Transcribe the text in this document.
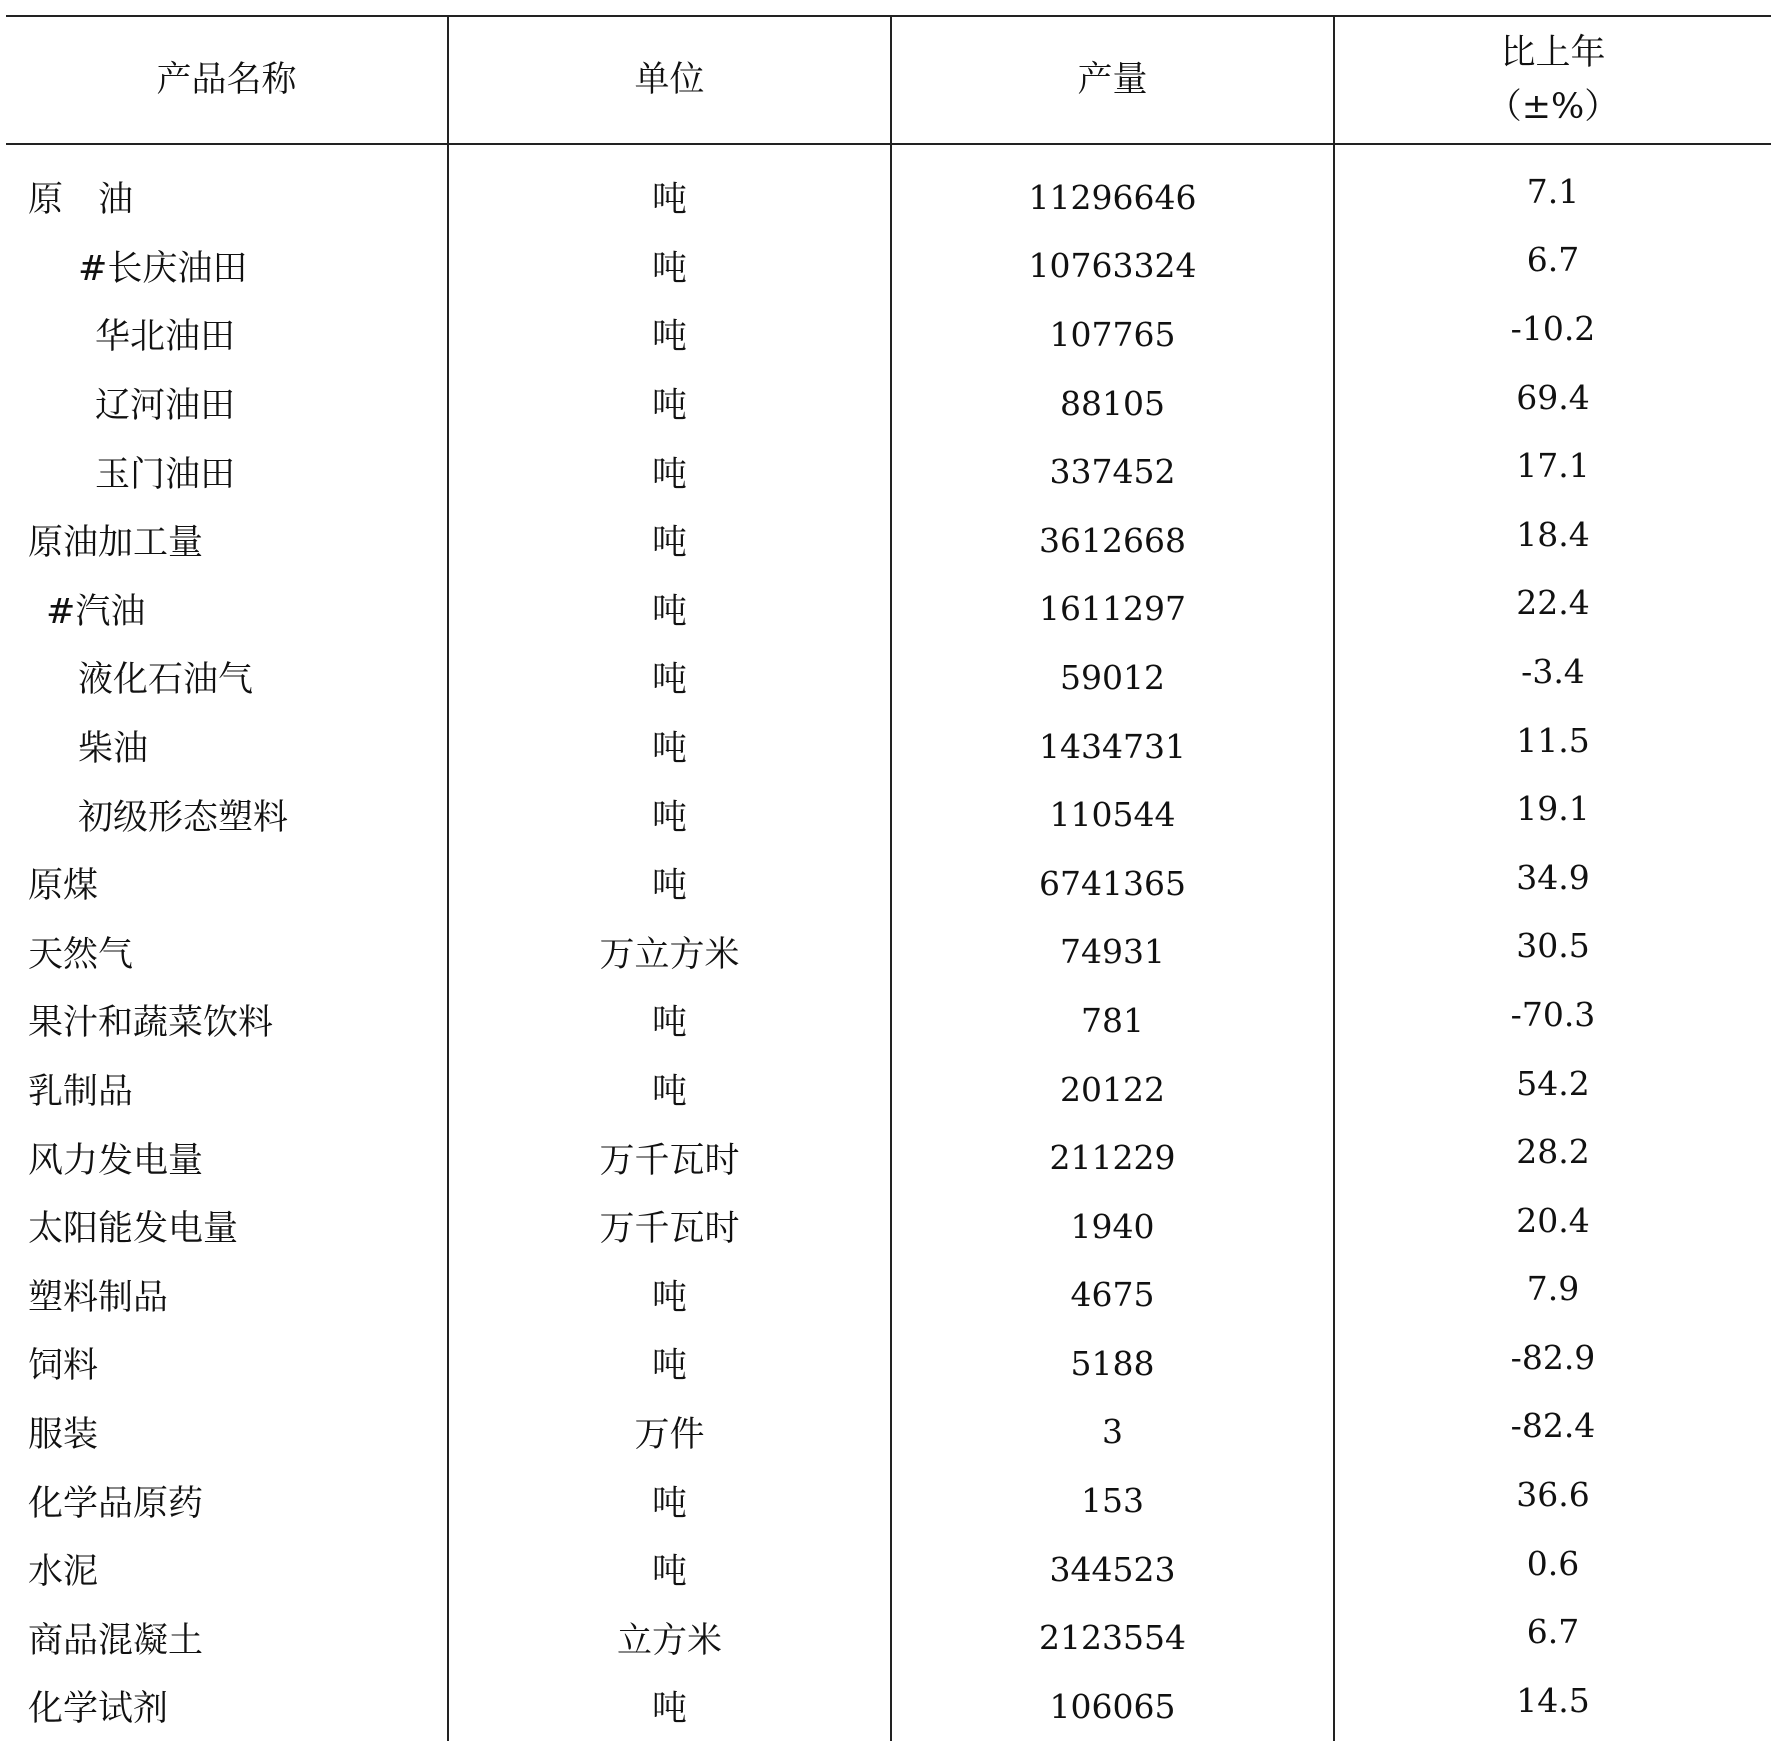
产品名称	单位	产量	比上年
（±%）

原　油	吨	11296646	7.1
#长庆油田	吨	10763324	6.7
华北油田	吨	107765	-10.2
辽河油田	吨	88105	69.4
玉门油田	吨	337452	17.1
原油加工量	吨	3612668	18.4
#汽油	吨	1611297	22.4
液化石油气	吨	59012	-3.4
柴油	吨	1434731	11.5
初级形态塑料	吨	110544	19.1
原煤	吨	6741365	34.9
天然气	万立方米	74931	30.5
果汁和蔬菜饮料	吨	781	-70.3
乳制品	吨	20122	54.2
风力发电量	万千瓦时	211229	28.2
太阳能发电量	万千瓦时	1940	20.4
塑料制品	吨	4675	7.9
饲料	吨	5188	-82.9
服装	万件	3	-82.4
化学品原药	吨	153	36.6
水泥	吨	344523	0.6
商品混凝土	立方米	2123554	6.7
化学试剂	吨	106065	14.5
